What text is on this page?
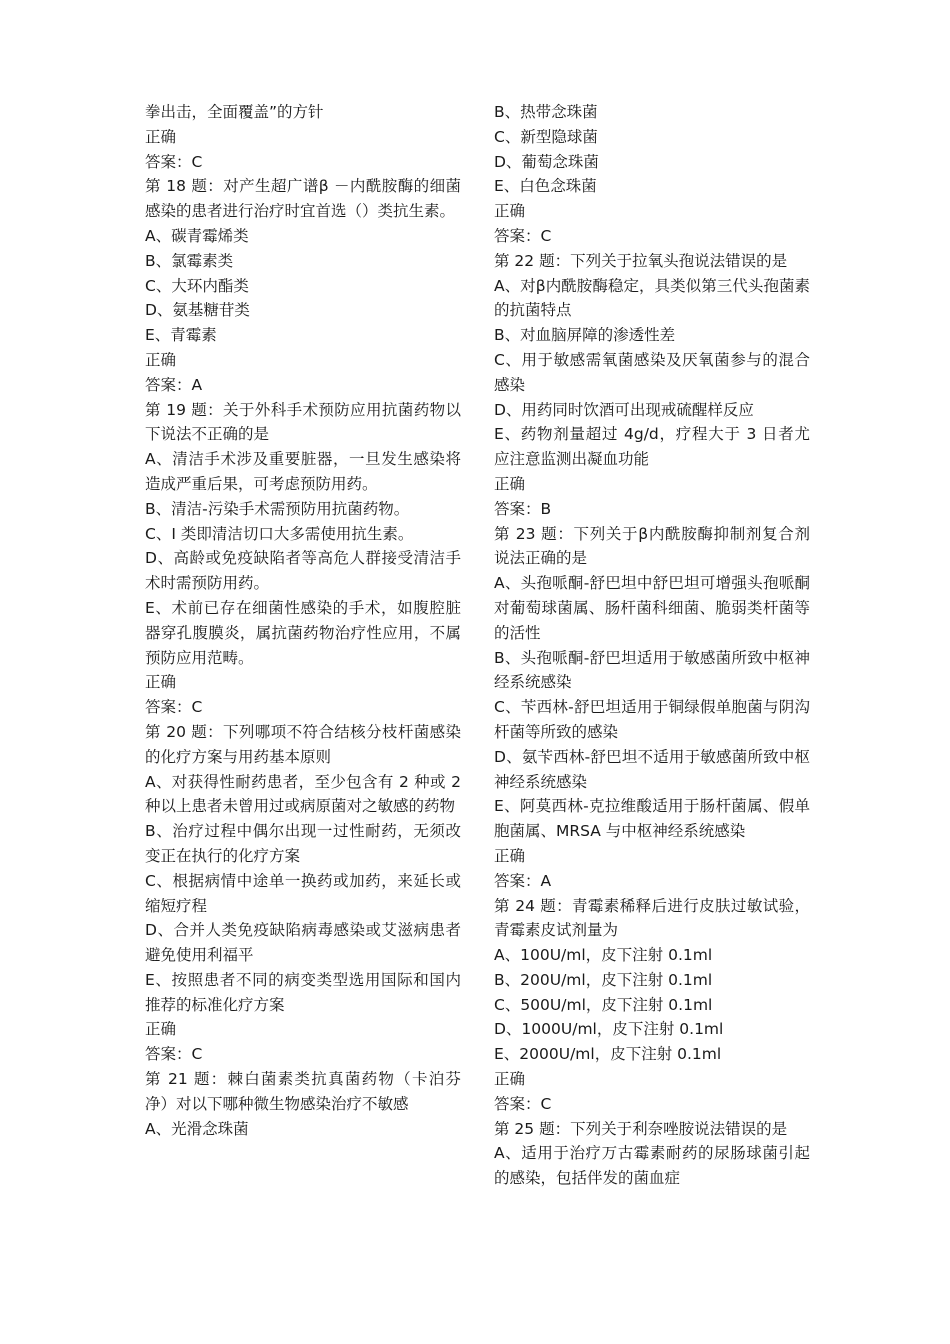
拳出击，全面覆盖”的方针

正确

答案：C

第 18 题：对产生超广谱β －内酰胺酶的细菌感染的患者进行治疗时宜首选（）类抗生素。

A、碳青霉烯类

B、氯霉素类

C、大环内酯类

D、氨基糖苷类

E、青霉素

正确

答案：A

第 19 题：关于外科手术预防应用抗菌药物以下说法不正确的是

A、清洁手术涉及重要脏器，一旦发生感染将造成严重后果，可考虑预防用药。

B、清洁-污染手术需预防用抗菌药物。

C、I 类即清洁切口大多需使用抗生素。

D、高龄或免疫缺陷者等高危人群接受清洁手术时需预防用药。

E、术前已存在细菌性感染的手术，如腹腔脏器穿孔腹膜炎，属抗菌药物治疗性应用，不属预防应用范畴。

正确

答案：C

第 20 题：下列哪项不符合结核分枝杆菌感染的化疗方案与用药基本原则

A、对获得性耐药患者，至少包含有 2 种或 2 种以上患者未曾用过或病原菌对之敏感的药物

B、治疗过程中偶尔出现一过性耐药，无须改变正在执行的化疗方案

C、根据病情中途单一换药或加药，来延长或缩短疗程

D、合并人类免疫缺陷病毒感染或艾滋病患者避免使用利福平

E、按照患者不同的病变类型选用国际和国内推荐的标准化疗方案

正确

答案：C

第 21 题：棘白菌素类抗真菌药物（卡泊芬净）对以下哪种微生物感染治疗不敏感

A、光滑念珠菌

B、热带念珠菌

C、新型隐球菌

D、葡萄念珠菌

E、白色念珠菌

正确

答案：C

第 22 题：下列关于拉氧头孢说法错误的是

A、对β内酰胺酶稳定，具类似第三代头孢菌素的抗菌特点

B、对血脑屏障的渗透性差

C、用于敏感需氧菌感染及厌氧菌参与的混合感染

D、用药同时饮酒可出现戒硫醒样反应

E、药物剂量超过 4g/d，疗程大于 3 日者尤应注意监测出凝血功能

正确

答案：B

第 23 题：下列关于β内酰胺酶抑制剂复合剂说法正确的是

A、头孢哌酮-舒巴坦中舒巴坦可增强头孢哌酮对葡萄球菌属、肠杆菌科细菌、脆弱类杆菌等的活性

B、头孢哌酮-舒巴坦适用于敏感菌所致中枢神经系统感染

C、苄西林-舒巴坦适用于铜绿假单胞菌与阴沟杆菌等所致的感染

D、氨苄西林-舒巴坦不适用于敏感菌所致中枢神经系统感染

E、阿莫西林-克拉维酸适用于肠杆菌属、假单胞菌属、MRSA 与中枢神经系统感染

正确

答案：A

第 24 题：青霉素稀释后进行皮肤过敏试验，青霉素皮试剂量为

A、100U/ml，皮下注射 0.1ml

B、200U/ml，皮下注射 0.1ml

C、500U/ml，皮下注射 0.1ml

D、1000U/ml，皮下注射 0.1ml

E、2000U/ml，皮下注射 0.1ml

正确

答案：C

第 25 题：下列关于利奈唑胺说法错误的是

A、适用于治疗万古霉素耐药的尿肠球菌引起的感染，包括伴发的菌血症
